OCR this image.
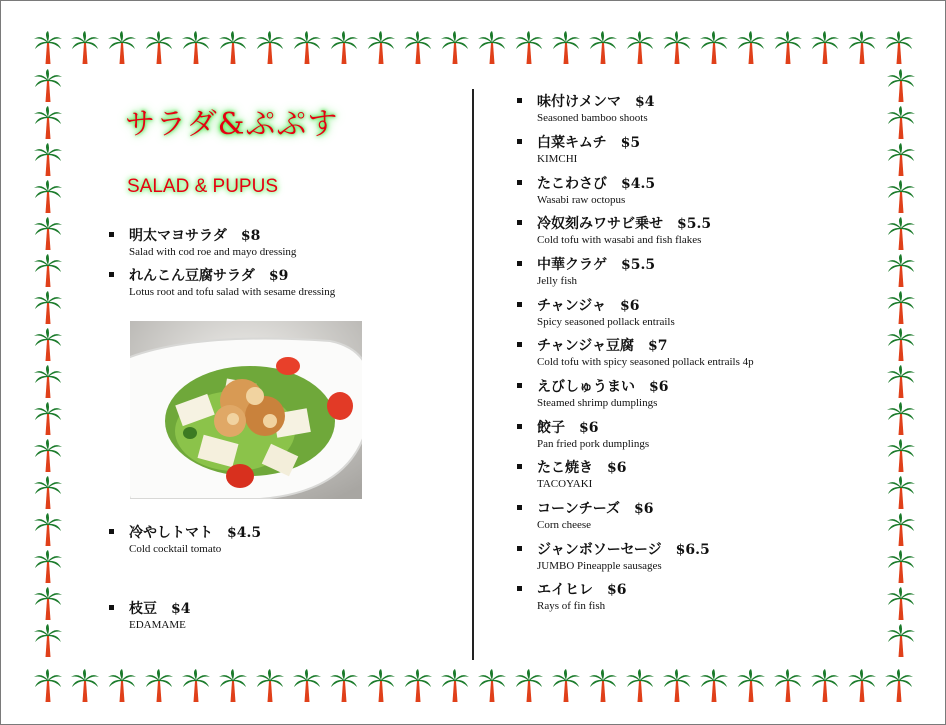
サラダ&ぷぷす
SALAD & PUPUS
明太マヨサラダ　$8
Salad with cod roe and mayo dressing
れんこん豆腐サラダ　$9
Lotus root and tofu salad with sesame dressing
冷やしトマト　$4.5
Cold cocktail tomato
枝豆　$4
EDAMAME
味付けメンマ　$4
Seasoned bamboo shoots
白菜キムチ　$5
KIMCHI
たこわさび　$4.5
Wasabi raw octopus
冷奴刻みワサビ乗せ　$5.5
Cold tofu with wasabi and fish flakes
中華クラゲ　$5.5
Jelly fish
チャンジャ　$6
Spicy seasoned pollack entrails
チャンジャ豆腐　$7
Cold tofu with spicy seasoned pollack entrails 4p
えびしゅうまい　$6
Steamed shrimp dumplings
餃子　$6
Pan fried pork dumplings
たこ焼き　$6
TACOYAKI
コーンチーズ　$6
Corn cheese
ジャンボソーセージ　$6.5
JUMBO Pineapple sausages
エイヒレ　$6
Rays of fin fish
